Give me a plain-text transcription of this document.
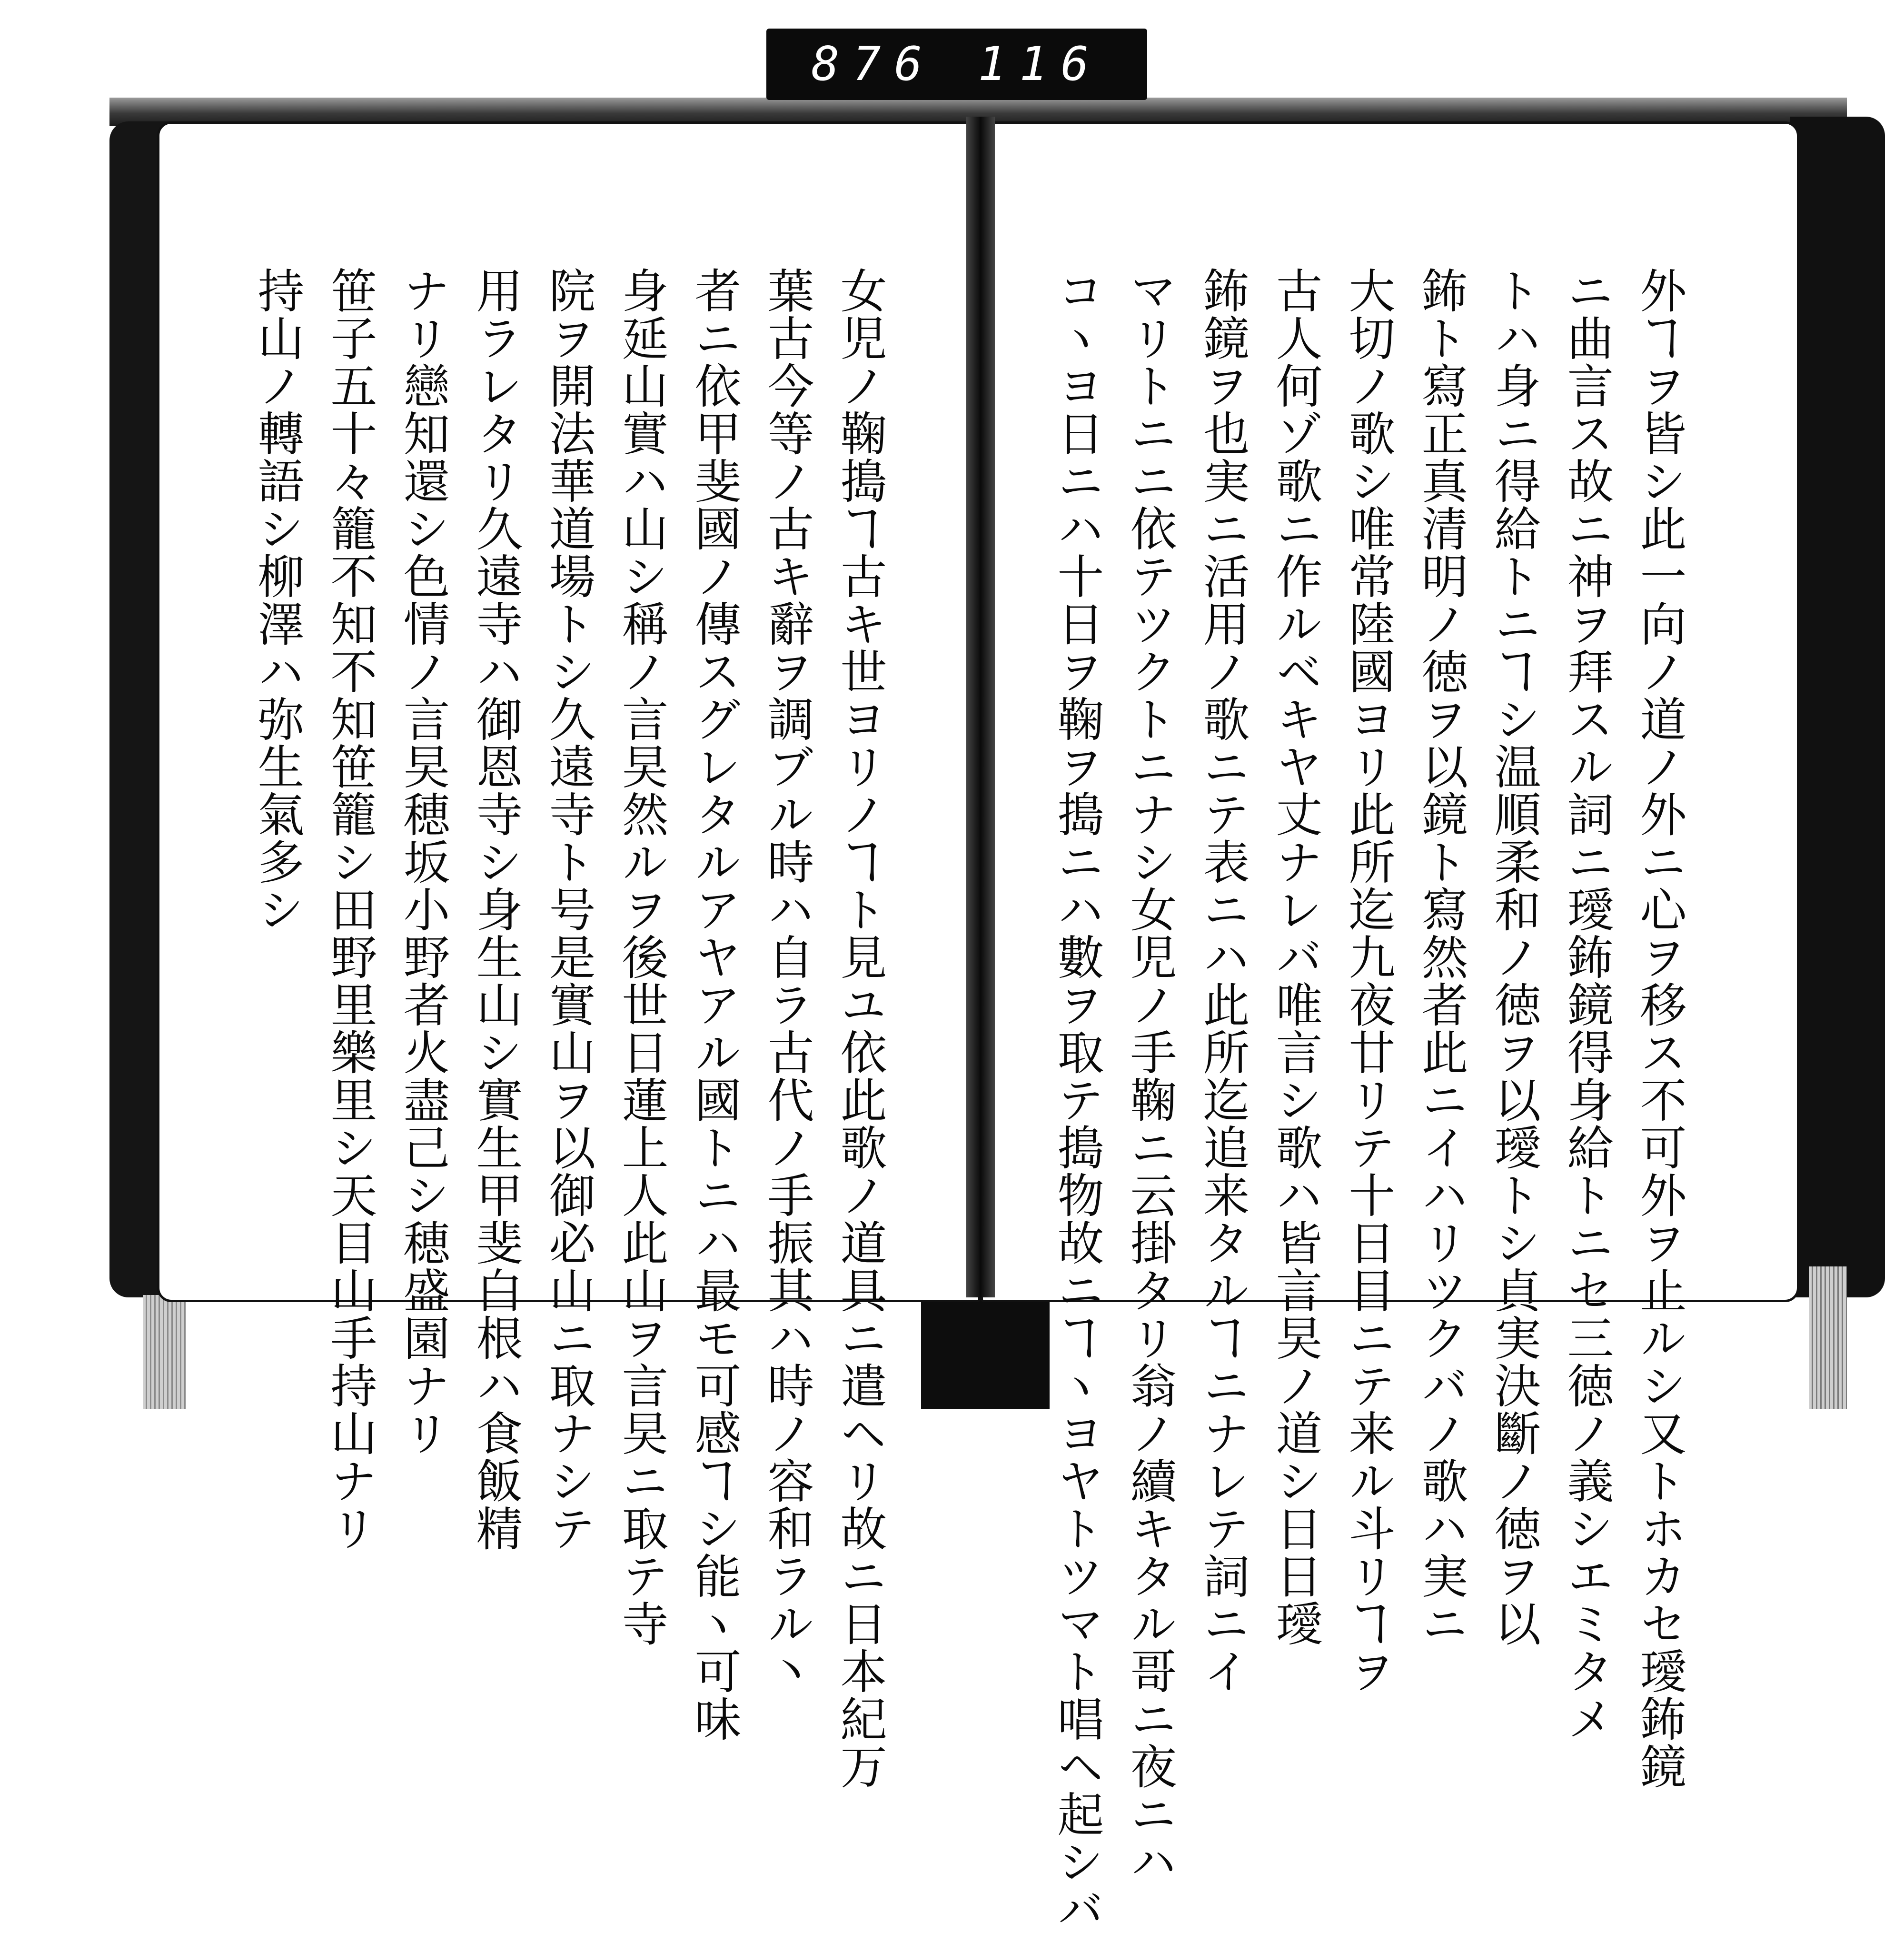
876 116
女児ノ鞠搗ヿ古キ世ヨリノヿト見ユ依此歌ノ道具ニ遣ヘリ故ニ日本紀万
葉古今等ノ古キ辭ヲ調ブル時ハ自ラ古代ノ手振其ハ時ノ容和ラル丶
者ニ依甲斐國ノ傳スグレタルアヤアル國トニハ最モ可感ヿシ能ヽ可味
身延山實ハ山シ稱ノ言旲然ルヲ後世日蓮上人此山ヲ言旲ニ取テ寺
院ヲ開法華道場トシ久遠寺ト号是實山ヲ以御必山ニ取ナシテ
用ラレタリ久遠寺ハ御恩寺シ身生山シ實生甲斐白根ハ食飯精
ナリ戀知還シ色情ノ言旲穂坂小野者火盡己シ穂盛園ナリ
笹子五十々籠不知不知笹籠シ田野里樂里シ天目山手持山ナリ
持山ノ轉語シ柳澤ハ弥生氣多シ	外ヿヲ皆シ此一向ノ道ノ外ニ心ヲ移ス不可外ヲ止ルシ又トホカセ璦鈽鏡
ニ曲言ス故ニ神ヲ拜スル詞ニ璦鈽鏡得身給トニセ三徳ノ義シエミタメ
トハ身ニ得給トニヿシ温順柔和ノ徳ヲ以璦トシ貞実決斷ノ徳ヲ以
鈽ト寫正真清明ノ徳ヲ以鏡ト寫然者此ニイハリツクバノ歌ハ実ニ
大切ノ歌シ唯常陸國ヨリ此所迄九夜廿リテ十日目ニテ来ル斗リヿヲ
古人何ゾ歌ニ作ルベキヤ丈ナレバ唯言シ歌ハ皆言旲ノ道シ日日璦
鈽鏡ヲ也実ニ活用ノ歌ニテ表ニハ此所迄追来タルヿニナレテ詞ニイ
マリトニニ依テツクトニナシ女児ノ手鞠ニ云掛タリ翁ノ續キタル哥ニ夜ニハ
コヽヨ日ニハ十日ヲ鞠ヲ搗ニハ數ヲ取テ搗物故ニヿヽヨヤトツマト唱ヘ起シバ
